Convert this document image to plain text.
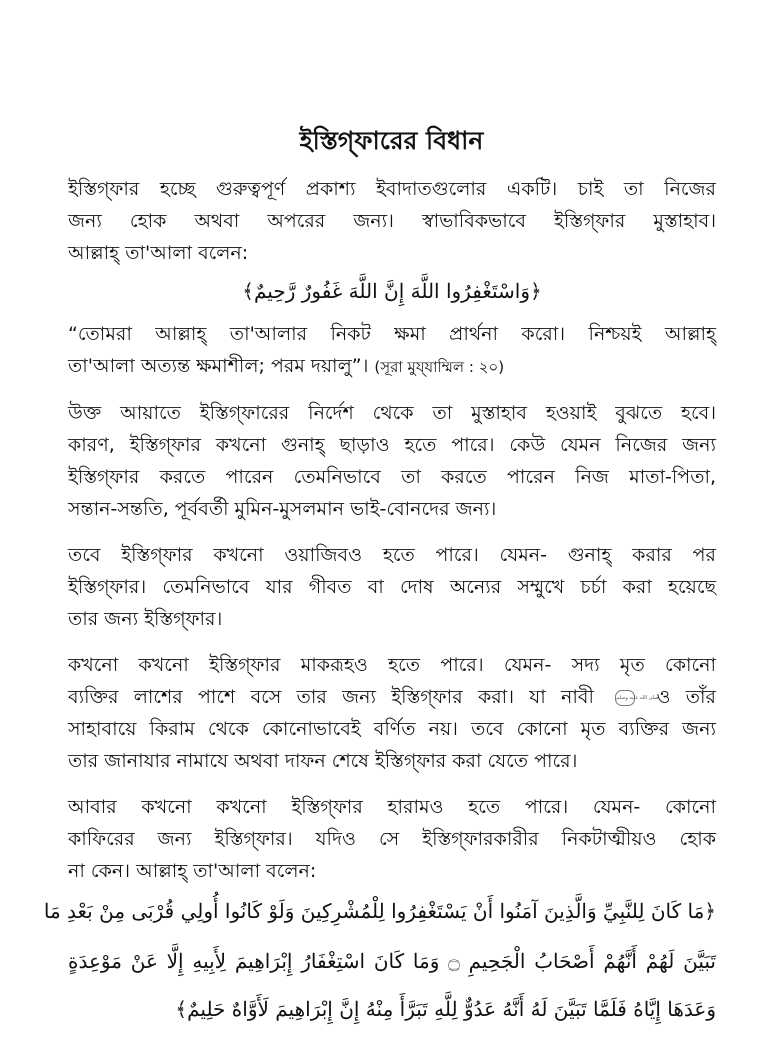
ইস্তিগ্‌ফারের বিধান
ইস্তিগ্‌ফার হচ্ছে গুরুত্বপূর্ণ প্রকাশ্য ইবাদাতগুলোর একটি। চাই তা নিজের
জন্য হোক অথবা অপরের জন্য। স্বাভাবিকভাবে ইস্তিগ্‌ফার মুস্তাহাব।
আল্লাহ্‌ তা'আলা বলেন:
﴿وَاسْتَغْفِرُوا اللَّهَ إِنَّ اللَّهَ غَفُورٌ رَّحِيمٌ﴾
“তোমরা আল্লাহ্‌ তা'আলার নিকট ক্ষমা প্রার্থনা করো। নিশ্চয়ই আল্লাহ্‌
তা'আলা অত্যন্ত ক্ষমাশীল; পরম দয়ালু”। (সূরা মুয্‌যাম্মিল : ২০)
উক্ত আয়াতে ইস্তিগ্‌ফারের নির্দেশ থেকে তা মুস্তাহাব হওয়াই বুঝতে হবে।
কারণ, ইস্তিগ্‌ফার কখনো গুনাহ্‌ ছাড়াও হতে পারে। কেউ যেমন নিজের জন্য
ইস্তিগ্‌ফার করতে পারেন তেমনিভাবে তা করতে পারেন নিজ মাতা-পিতা,
সন্তান-সন্ততি, পূর্ববর্তী মুমিন-মুসলমান ভাই-বোনদের জন্য।
তবে ইস্তিগ্‌ফার কখনো ওয়াজিবও হতে পারে। যেমন- গুনাহ্‌ করার পর
ইস্তিগ্‌ফার। তেমনিভাবে যার গীবত বা দোষ অন্যের সম্মুখে চর্চা করা হয়েছে
তার জন্য ইস্তিগ্‌ফার।
কখনো কখনো ইস্তিগ্‌ফার মাকরূহও হতে পারে। যেমন- সদ্য মৃত কোনো
ব্যক্তির লাশের পাশে বসে তার জন্য ইস্তিগ্‌ফার করা। যা নাবী	صلى الله عليه وسلم ও তাঁর
সাহাবায়ে কিরাম থেকে কোনোভাবেই বর্ণিত নয়। তবে কোনো মৃত ব্যক্তির জন্য
তার জানাযার নামাযে অথবা দাফন শেষে ইস্তিগ্‌ফার করা যেতে পারে।
আবার কখনো কখনো ইস্তিগ্‌ফার হারামও হতে পারে। যেমন- কোনো
কাফিরের জন্য ইস্তিগ্‌ফার। যদিও সে ইস্তিগ্‌ফারকারীর নিকটাত্মীয়ও হোক
না কেন। আল্লাহ্‌ তা'আলা বলেন:
﴿مَا كَانَ لِلنَّبِيِّ وَالَّذِينَ آمَنُوا أَنْ يَسْتَغْفِرُوا لِلْمُشْرِكِينَ وَلَوْ كَانُوا أُولِي قُرْبَى مِنْ بَعْدِ مَا
تَبَيَّنَ لَهُمْ أَنَّهُمْ أَصْحَابُ الْجَحِيمِ ۝ وَمَا كَانَ اسْتِغْفَارُ إِبْرَاهِيمَ لِأَبِيهِ إِلَّا عَنْ مَوْعِدَةٍ
وَعَدَهَا إِيَّاهُ فَلَمَّا تَبَيَّنَ لَهُ أَنَّهُ عَدُوٌّ لِلَّهِ تَبَرَّأَ مِنْهُ إِنَّ إِبْرَاهِيمَ لَأَوَّاهٌ حَلِيمٌ﴾
